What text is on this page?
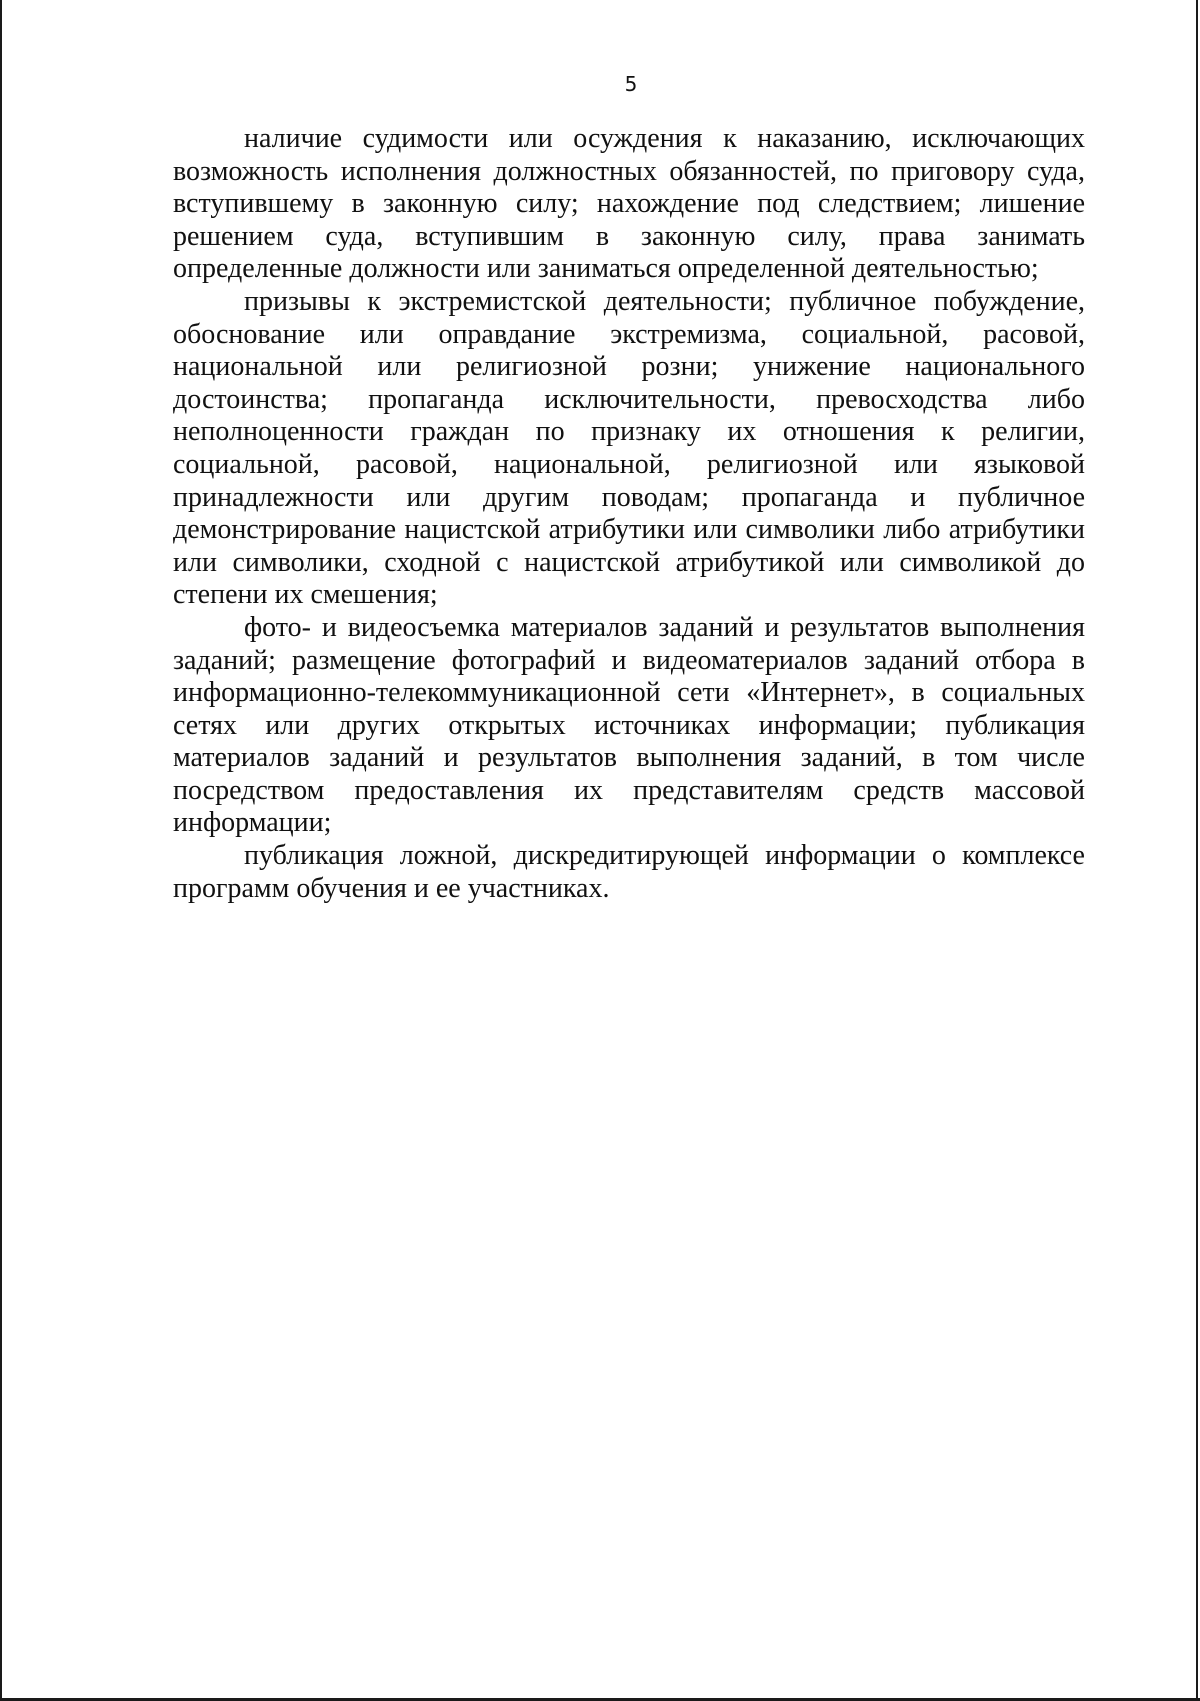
5

наличие судимости или осуждения к наказанию, исключающих возможность исполнения должностных обязанностей, по приговору суда, вступившему в законную силу; нахождение под следствием; лишение решением суда, вступившим в законную силу, права занимать определенные должности или заниматься определенной деятельностью;

призывы к экстремистской деятельности; публичное побуждение, обоснование или оправдание экстремизма, социальной, расовой, национальной или религиозной розни; унижение национального достоинства; пропаганда исключительности, превосходства либо неполноценности граждан по признаку их отношения к религии, социальной, расовой, национальной, религиозной или языковой принадлежности или другим поводам; пропаганда и публичное демонстрирование нацистской атрибутики или символики либо атрибутики или символики, сходной с нацистской атрибутикой или символикой до степени их смешения;

фото- и видеосъемка материалов заданий и результатов выполнения заданий; размещение фотографий и видеоматериалов заданий отбора в информационно-телекоммуникационной сети «Интернет», в социальных сетях или других открытых источниках информации; публикация материалов заданий и результатов выполнения заданий, в том числе посредством предоставления их представителям средств массовой информации;

публикация ложной, дискредитирующей информации о комплексе программ обучения и ее участниках.
